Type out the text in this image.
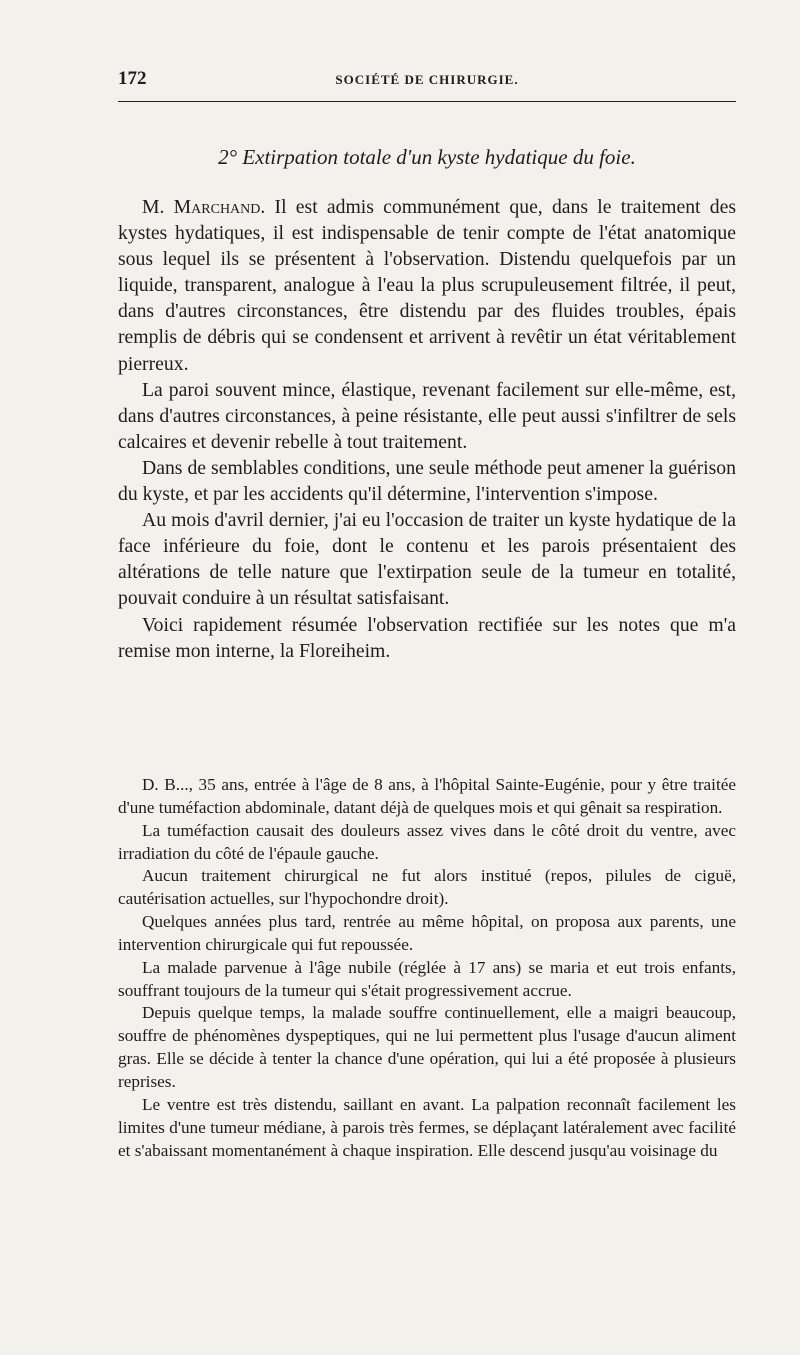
172	SOCIÉTÉ DE CHIRURGIE.
2° Extirpation totale d'un kyste hydatique du foie.

M. Marchand. Il est admis communément que, dans le traitement des kystes hydatiques, il est indispensable de tenir compte de l'état anatomique sous lequel ils se présentent à l'observation. Distendu quelquefois par un liquide, transparent, analogue à l'eau la plus scrupuleusement filtrée, il peut, dans d'autres circonstances, être distendu par des fluides troubles, épais remplis de débris qui se condensent et arrivent à revêtir un état véritablement pierreux.

La paroi souvent mince, élastique, revenant facilement sur elle-même, est, dans d'autres circonstances, à peine résistante, elle peut aussi s'infiltrer de sels calcaires et devenir rebelle à tout traitement.

Dans de semblables conditions, une seule méthode peut amener la guérison du kyste, et par les accidents qu'il détermine, l'intervention s'impose.

Au mois d'avril dernier, j'ai eu l'occasion de traiter un kyste hydatique de la face inférieure du foie, dont le contenu et les parois présentaient des altérations de telle nature que l'extirpation seule de la tumeur en totalité, pouvait conduire à un résultat satisfaisant.

Voici rapidement résumée l'observation rectifiée sur les notes que m'a remise mon interne, la Floreiheim.

D. B..., 35 ans, entrée à l'âge de 8 ans, à l'hôpital Sainte-Eugénie, pour y être traitée d'une tuméfaction abdominale, datant déjà de quelques mois et qui gênait sa respiration.

La tuméfaction causait des douleurs assez vives dans le côté droit du ventre, avec irradiation du côté de l'épaule gauche.

Aucun traitement chirurgical ne fut alors institué (repos, pilules de ciguë, cautérisation actuelles, sur l'hypochondre droit).

Quelques années plus tard, rentrée au même hôpital, on proposa aux parents, une intervention chirurgicale qui fut repoussée.

La malade parvenue à l'âge nubile (réglée à 17 ans) se maria et eut trois enfants, souffrant toujours de la tumeur qui s'était progressivement accrue.

Depuis quelque temps, la malade souffre continuellement, elle a maigri beaucoup, souffre de phénomènes dyspeptiques, qui ne lui permettent plus l'usage d'aucun aliment gras. Elle se décide à tenter la chance d'une opération, qui lui a été proposée à plusieurs reprises.

Le ventre est très distendu, saillant en avant. La palpation reconnaît facilement les limites d'une tumeur médiane, à parois très fermes, se déplaçant latéralement avec facilité et s'abaissant momentanément à chaque inspiration. Elle descend jusqu'au voisinage du
